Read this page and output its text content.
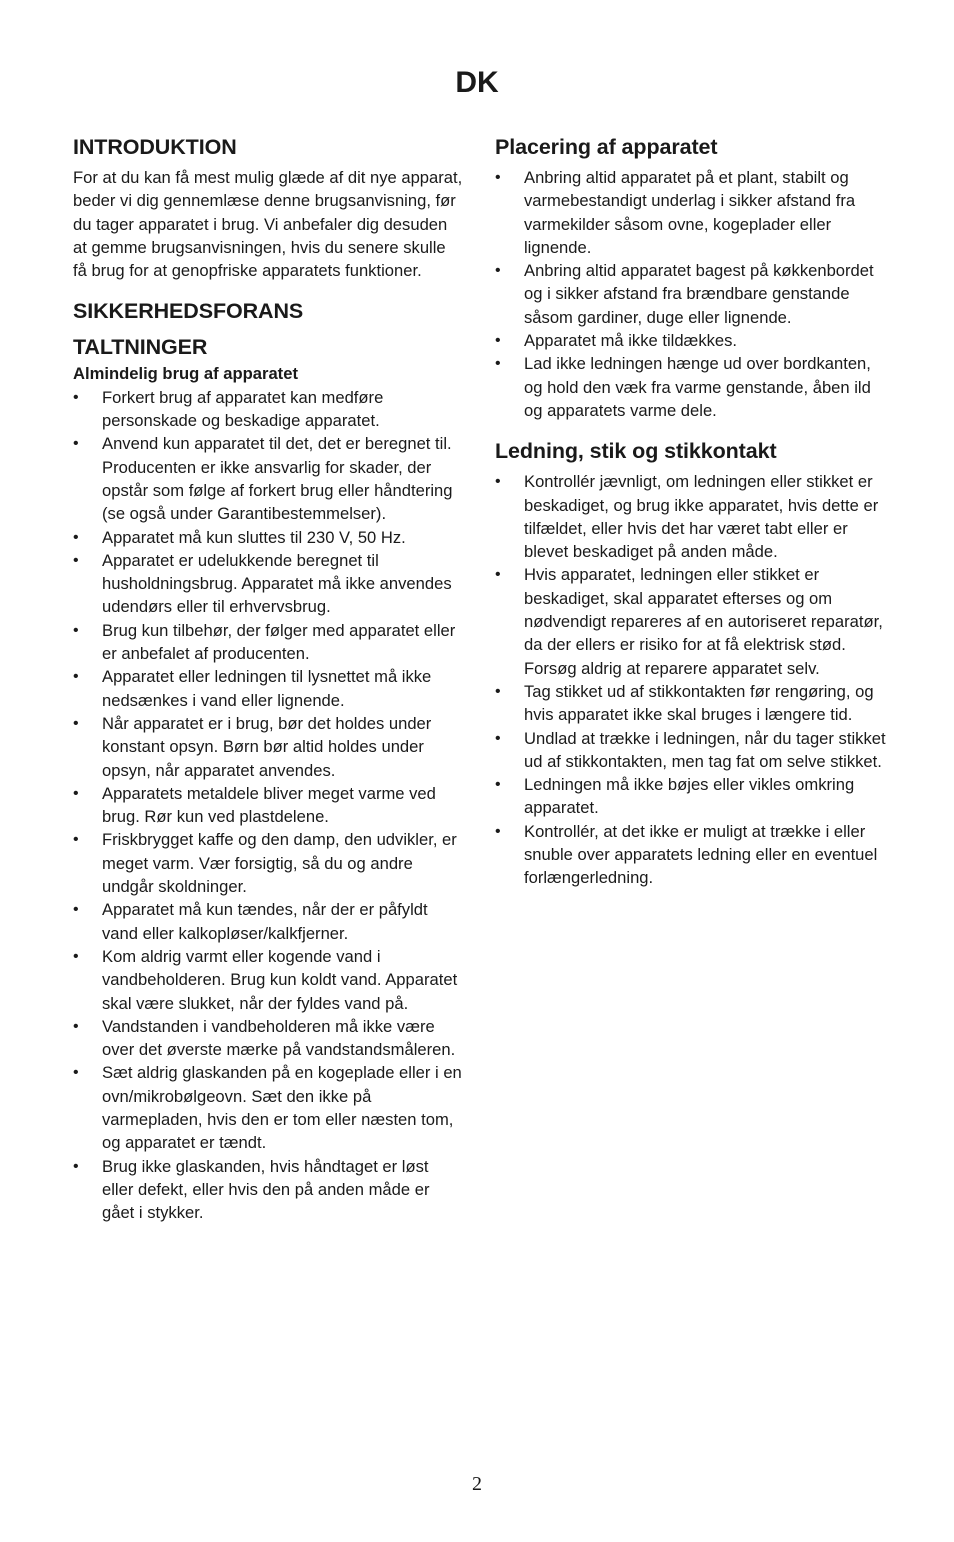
DK
INTRODUKTION

For at du kan få mest mulig glæde af dit nye apparat, beder vi dig gennemlæse denne brugsanvisning, før du tager apparatet i brug. Vi anbefaler dig desuden at gemme brugsanvisningen, hvis du senere skulle få brug for at genopfriske apparatets funktioner.

SIKKERHEDSFORANS
TALTNINGER
Almindelig brug af apparatet
• Forkert brug af apparatet kan medføre personskade og beskadige apparatet.
• Anvend kun apparatet til det, det er beregnet til. Producenten er ikke ansvarlig for skader, der opstår som følge af forkert brug eller håndtering (se også under Garantibestemmelser).
• Apparatet må kun sluttes til 230 V, 50 Hz.
• Apparatet er udelukkende beregnet til husholdningsbrug. Apparatet må ikke anvendes udendørs eller til erhvervsbrug.
• Brug kun tilbehør, der følger med apparatet eller er anbefalet af producenten.
• Apparatet eller ledningen til lysnettet må ikke nedsænkes i vand eller lignende.
• Når apparatet er i brug, bør det holdes under konstant opsyn. Børn bør altid holdes under opsyn, når apparatet anvendes.
• Apparatets metaldele bliver meget varme ved brug. Rør kun ved plastdelene.
• Friskbrygget kaffe og den damp, den udvikler, er meget varm. Vær forsigtig, så du og andre undgår skoldninger.
• Apparatet må kun tændes, når der er påfyldt vand eller kalkopløser/kalkfjerner.
• Kom aldrig varmt eller kogende vand i vandbeholderen. Brug kun koldt vand. Apparatet skal være slukket, når der fyldes vand på.
• Vandstanden i vandbeholderen må ikke være over det øverste mærke på vandstandsmåleren.
• Sæt aldrig glaskanden på en kogeplade eller i en ovn/mikrobølgeovn. Sæt den ikke på varmepladen, hvis den er tom eller næsten tom, og apparatet er tændt.
• Brug ikke glaskanden, hvis håndtaget er løst eller defekt, eller hvis den på anden måde er gået i stykker.
Placering af apparatet
• Anbring altid apparatet på et plant, stabilt og varmebestandigt underlag i sikker afstand fra varmekilder såsom ovne, kogeplader eller lignende.
• Anbring altid apparatet bagest på køkkenbordet og i sikker afstand fra brændbare genstande såsom gardiner, duge eller lignende.
• Apparatet må ikke tildækkes.
• Lad ikke ledningen hænge ud over bordkanten, og hold den væk fra varme genstande, åben ild og apparatets varme dele.
Ledning, stik og stikkontakt
• Kontrollér jævnligt, om ledningen eller stikket er beskadiget, og brug ikke apparatet, hvis dette er tilfældet, eller hvis det har været tabt eller er blevet beskadiget på anden måde.
• Hvis apparatet, ledningen eller stikket er beskadiget, skal apparatet efterses og om nødvendigt repareres af en autoriseret reparatør, da der ellers er risiko for at få elektrisk stød. Forsøg aldrig at reparere apparatet selv.
• Tag stikket ud af stikkontakten før rengøring, og hvis apparatet ikke skal bruges i længere tid.
• Undlad at trække i ledningen, når du tager stikket ud af stikkontakten, men tag fat om selve stikket.
• Ledningen må ikke bøjes eller vikles omkring apparatet.
• Kontrollér, at det ikke er muligt at trække i eller snuble over apparatets ledning eller en eventuel forlængerledning.

2
